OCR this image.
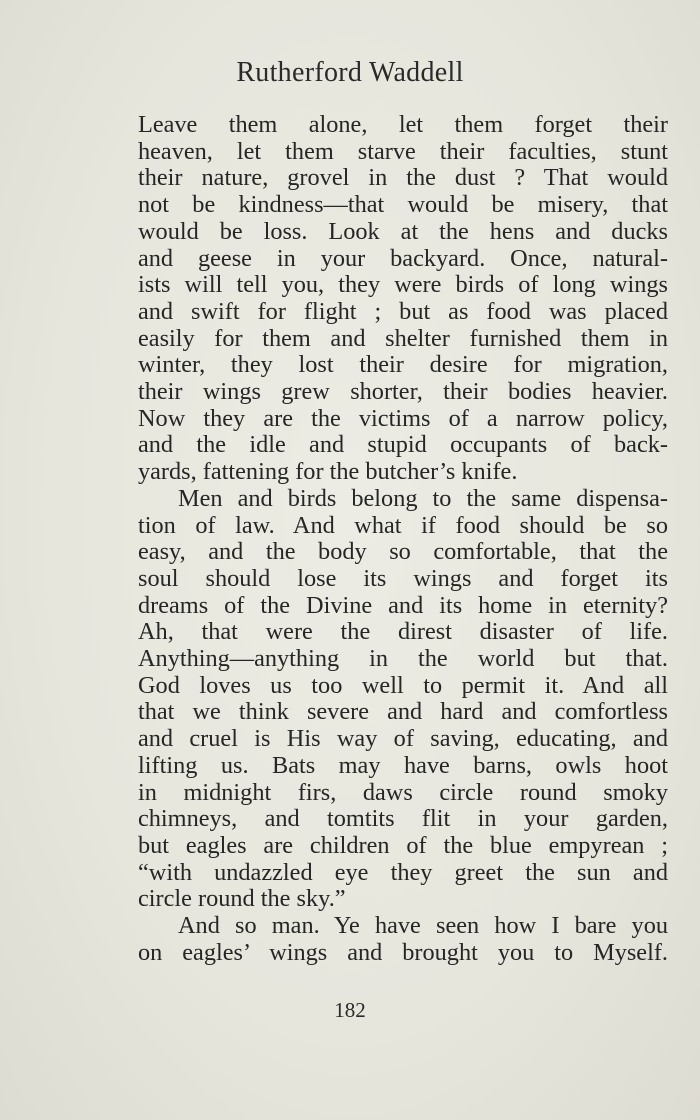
Rutherford Waddell

Leave them alone, let them forget their
heaven, let them starve their faculties, stunt
their nature, grovel in the dust ? That would
not be kindness—that would be misery, that
would be loss. Look at the hens and ducks
and geese in your backyard. Once, natural-
ists will tell you, they were birds of long wings
and swift for flight ; but as food was placed
easily for them and shelter furnished them in
winter, they lost their desire for migration,
their wings grew shorter, their bodies heavier.
Now they are the victims of a narrow policy,
and the idle and stupid occupants of back-
yards, fattening for the butcher’s knife.

Men and birds belong to the same dispensa-
tion of law. And what if food should be so
easy, and the body so comfortable, that the
soul should lose its wings and forget its
dreams of the Divine and its home in eternity?
Ah, that were the direst disaster of life.
Anything—anything in the world but that.
God loves us too well to permit it. And all
that we think severe and hard and comfortless
and cruel is His way of saving, educating, and
lifting us. Bats may have barns, owls hoot
in midnight firs, daws circle round smoky
chimneys, and tomtits flit in your garden,
but eagles are children of the blue empyrean ;
“with undazzled eye they greet the sun and
circle round the sky.”

And so man. Ye have seen how I bare you
on eagles’ wings and brought you to Myself.

182
